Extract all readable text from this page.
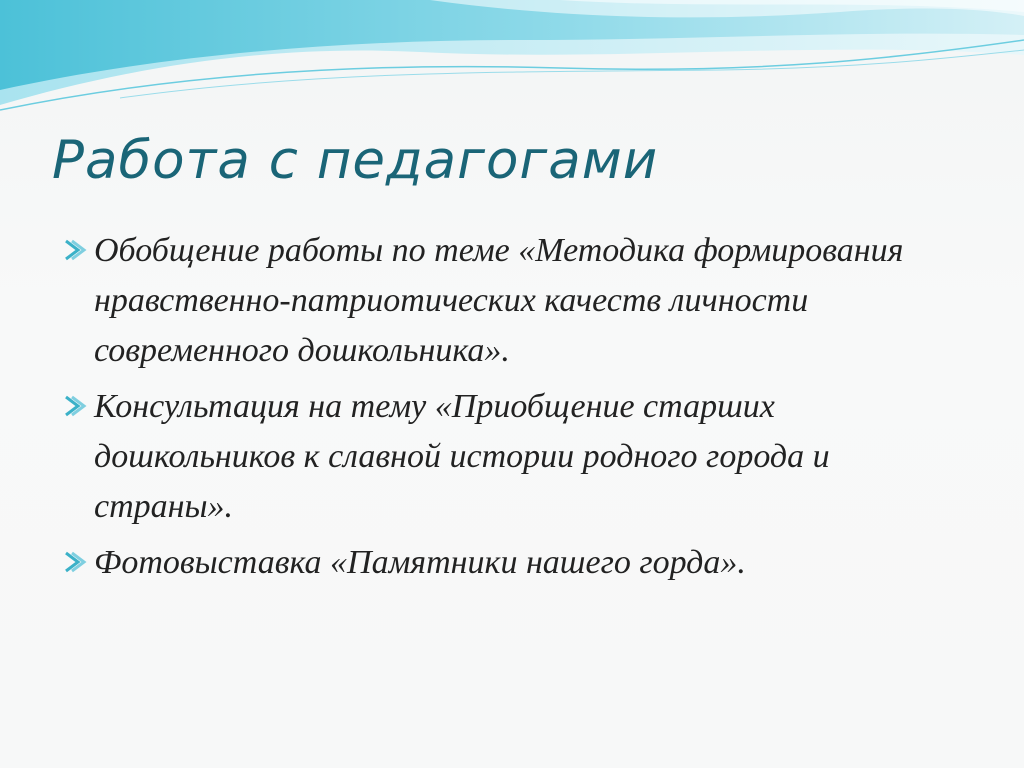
Работа с педагогами
Обобщение работы по теме «Методика формирования нравственно-патриотических качеств личности современного дошкольника».
Консультация на тему «Приобщение старших дошкольников к славной истории родного города и страны».
Фотовыставка «Памятники нашего горда».
